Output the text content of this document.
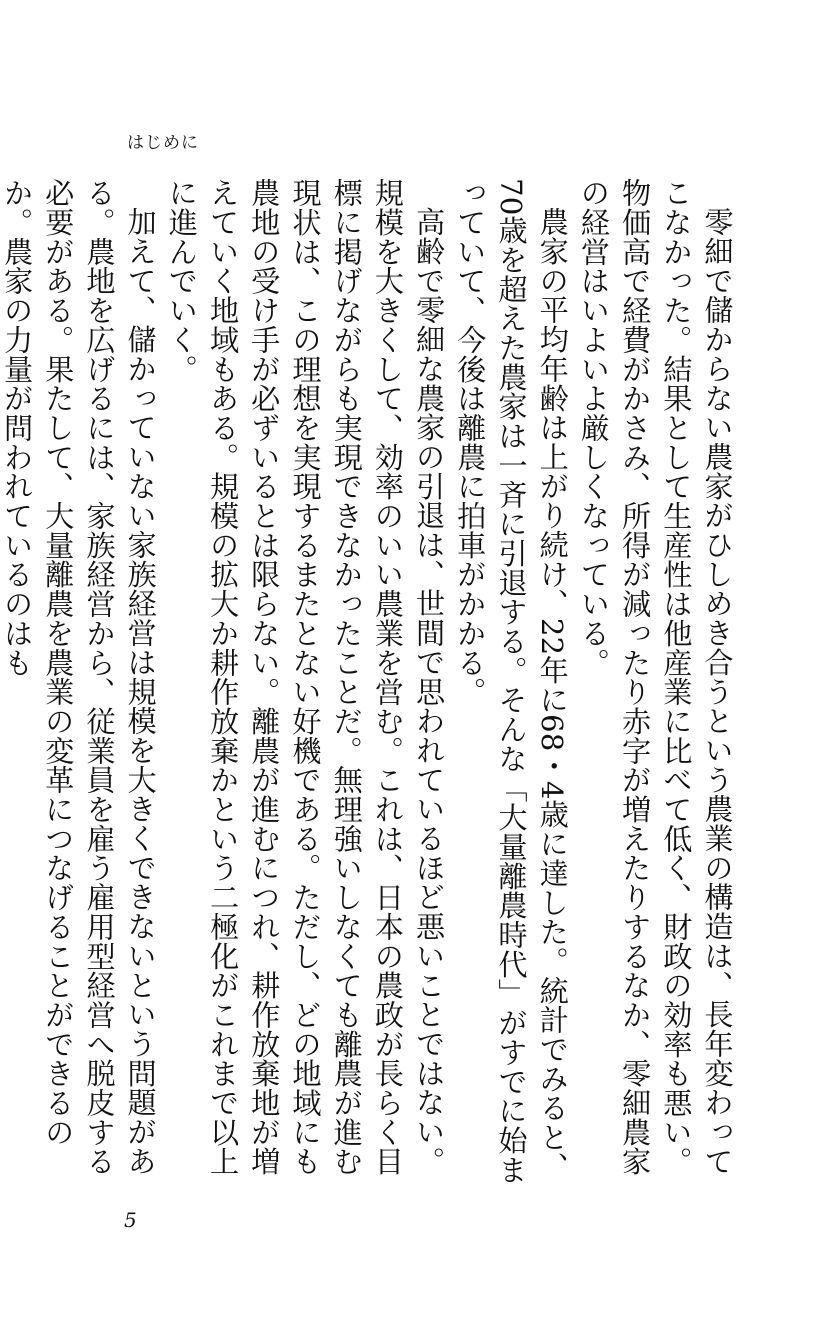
はじめに

零細で儲からない農家がひしめき合うという農業の構造は、長年変わってこなかった。結果として生産性は他産業に比べて低く、財政の効率も悪い。物価高で経費がかさみ、所得が減ったり赤字が増えたりするなか、零細農家の経営はいよいよ厳しくなっている。

農家の平均年齢は上がり続け、22年に68・4歳に達した。統計でみると、70歳を超えた農家は一斉に引退する。そんな「大量離農時代」がすでに始まっていて、今後は離農に拍車がかかる。

高齢で零細な農家の引退は、世間で思われているほど悪いことではない。規模を大きくして、効率のいい農業を営む。これは、日本の農政が長らく目標に掲げながらも実現できなかったことだ。無理強いしなくても離農が進む現状は、この理想を実現するまたとない好機である。ただし、どの地域にも農地の受け手が必ずいるとは限らない。離農が進むにつれ、耕作放棄地が増えていく地域もある。規模の拡大か耕作放棄かという二極化がこれまで以上に進んでいく。

加えて、儲かっていない家族経営は規模を大きくできないという問題がある。農地を広げるには、家族経営から、従業員を雇う雇用型経営へ脱皮する必要がある。果たして、大量離農を農業の変革につなげることができるのか。農家の力量が問われているのはも

5
